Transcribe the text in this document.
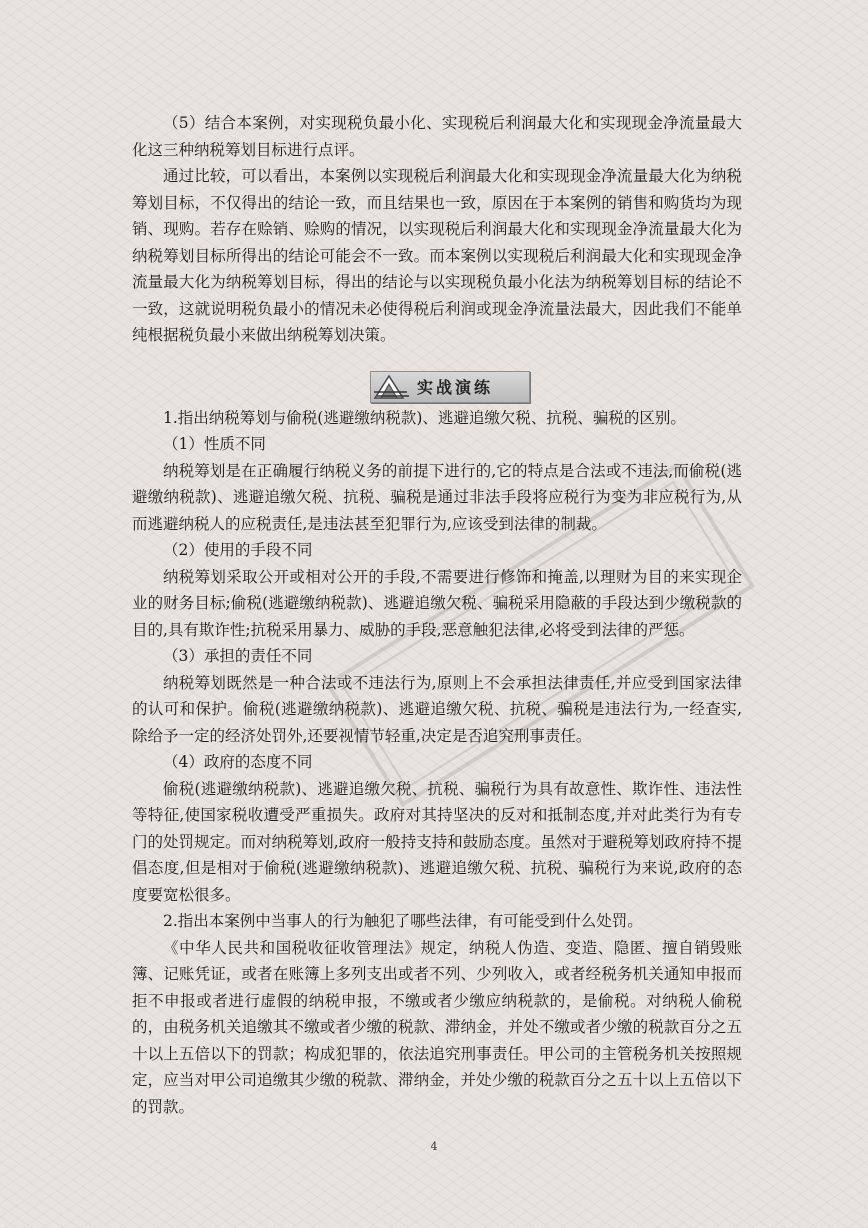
（5）结合本案例，对实现税负最小化、实现税后利润最大化和实现现金净流量最大化这三种纳税筹划目标进行点评。

通过比较，可以看出，本案例以实现税后利润最大化和实现现金净流量最大化为纳税筹划目标，不仅得出的结论一致，而且结果也一致，原因在于本案例的销售和购货均为现销、现购。若存在赊销、赊购的情况，以实现税后利润最大化和实现现金净流量最大化为纳税筹划目标所得出的结论可能会不一致。而本案例以实现税后利润最大化和实现现金净流量最大化为纳税筹划目标，得出的结论与以实现税负最小化法为纳税筹划目标的结论不一致，这就说明税负最小的情况未必使得税后利润或现金净流量法最大，因此我们不能单纯根据税负最小来做出纳税筹划决策。

实战演练

1.指出纳税筹划与偷税(逃避缴纳税款)、逃避追缴欠税、抗税、骗税的区别。

（1）性质不同

纳税筹划是在正确履行纳税义务的前提下进行的,它的特点是合法或不违法,而偷税(逃避缴纳税款)、逃避追缴欠税、抗税、骗税是通过非法手段将应税行为变为非应税行为,从而逃避纳税人的应税责任,是违法甚至犯罪行为,应该受到法律的制裁。

（2）使用的手段不同

纳税筹划采取公开或相对公开的手段,不需要进行修饰和掩盖,以理财为目的来实现企业的财务目标;偷税(逃避缴纳税款)、逃避追缴欠税、骗税采用隐蔽的手段达到少缴税款的目的,具有欺诈性;抗税采用暴力、威胁的手段,恶意触犯法律,必将受到法律的严惩。

（3）承担的责任不同

纳税筹划既然是一种合法或不违法行为,原则上不会承担法律责任,并应受到国家法律的认可和保护。偷税(逃避缴纳税款)、逃避追缴欠税、抗税、骗税是违法行为,一经查实,除给予一定的经济处罚外,还要视情节轻重,决定是否追究刑事责任。

（4）政府的态度不同

偷税(逃避缴纳税款)、逃避追缴欠税、抗税、骗税行为具有故意性、欺诈性、违法性等特征,使国家税收遭受严重损失。政府对其持坚决的反对和抵制态度,并对此类行为有专门的处罚规定。而对纳税筹划,政府一般持支持和鼓励态度。虽然对于避税筹划政府持不提倡态度,但是相对于偷税(逃避缴纳税款)、逃避追缴欠税、抗税、骗税行为来说,政府的态度要宽松很多。

2.指出本案例中当事人的行为触犯了哪些法律，有可能受到什么处罚。

《中华人民共和国税收征收管理法》规定，纳税人伪造、变造、隐匿、擅自销毁账簿、记账凭证，或者在账簿上多列支出或者不列、少列收入，或者经税务机关通知申报而拒不申报或者进行虚假的纳税申报，不缴或者少缴应纳税款的，是偷税。对纳税人偷税的，由税务机关追缴其不缴或者少缴的税款、滞纳金，并处不缴或者少缴的税款百分之五十以上五倍以下的罚款；构成犯罪的，依法追究刑事责任。甲公司的主管税务机关按照规定，应当对甲公司追缴其少缴的税款、滞纳金，并处少缴的税款百分之五十以上五倍以下的罚款。

4
